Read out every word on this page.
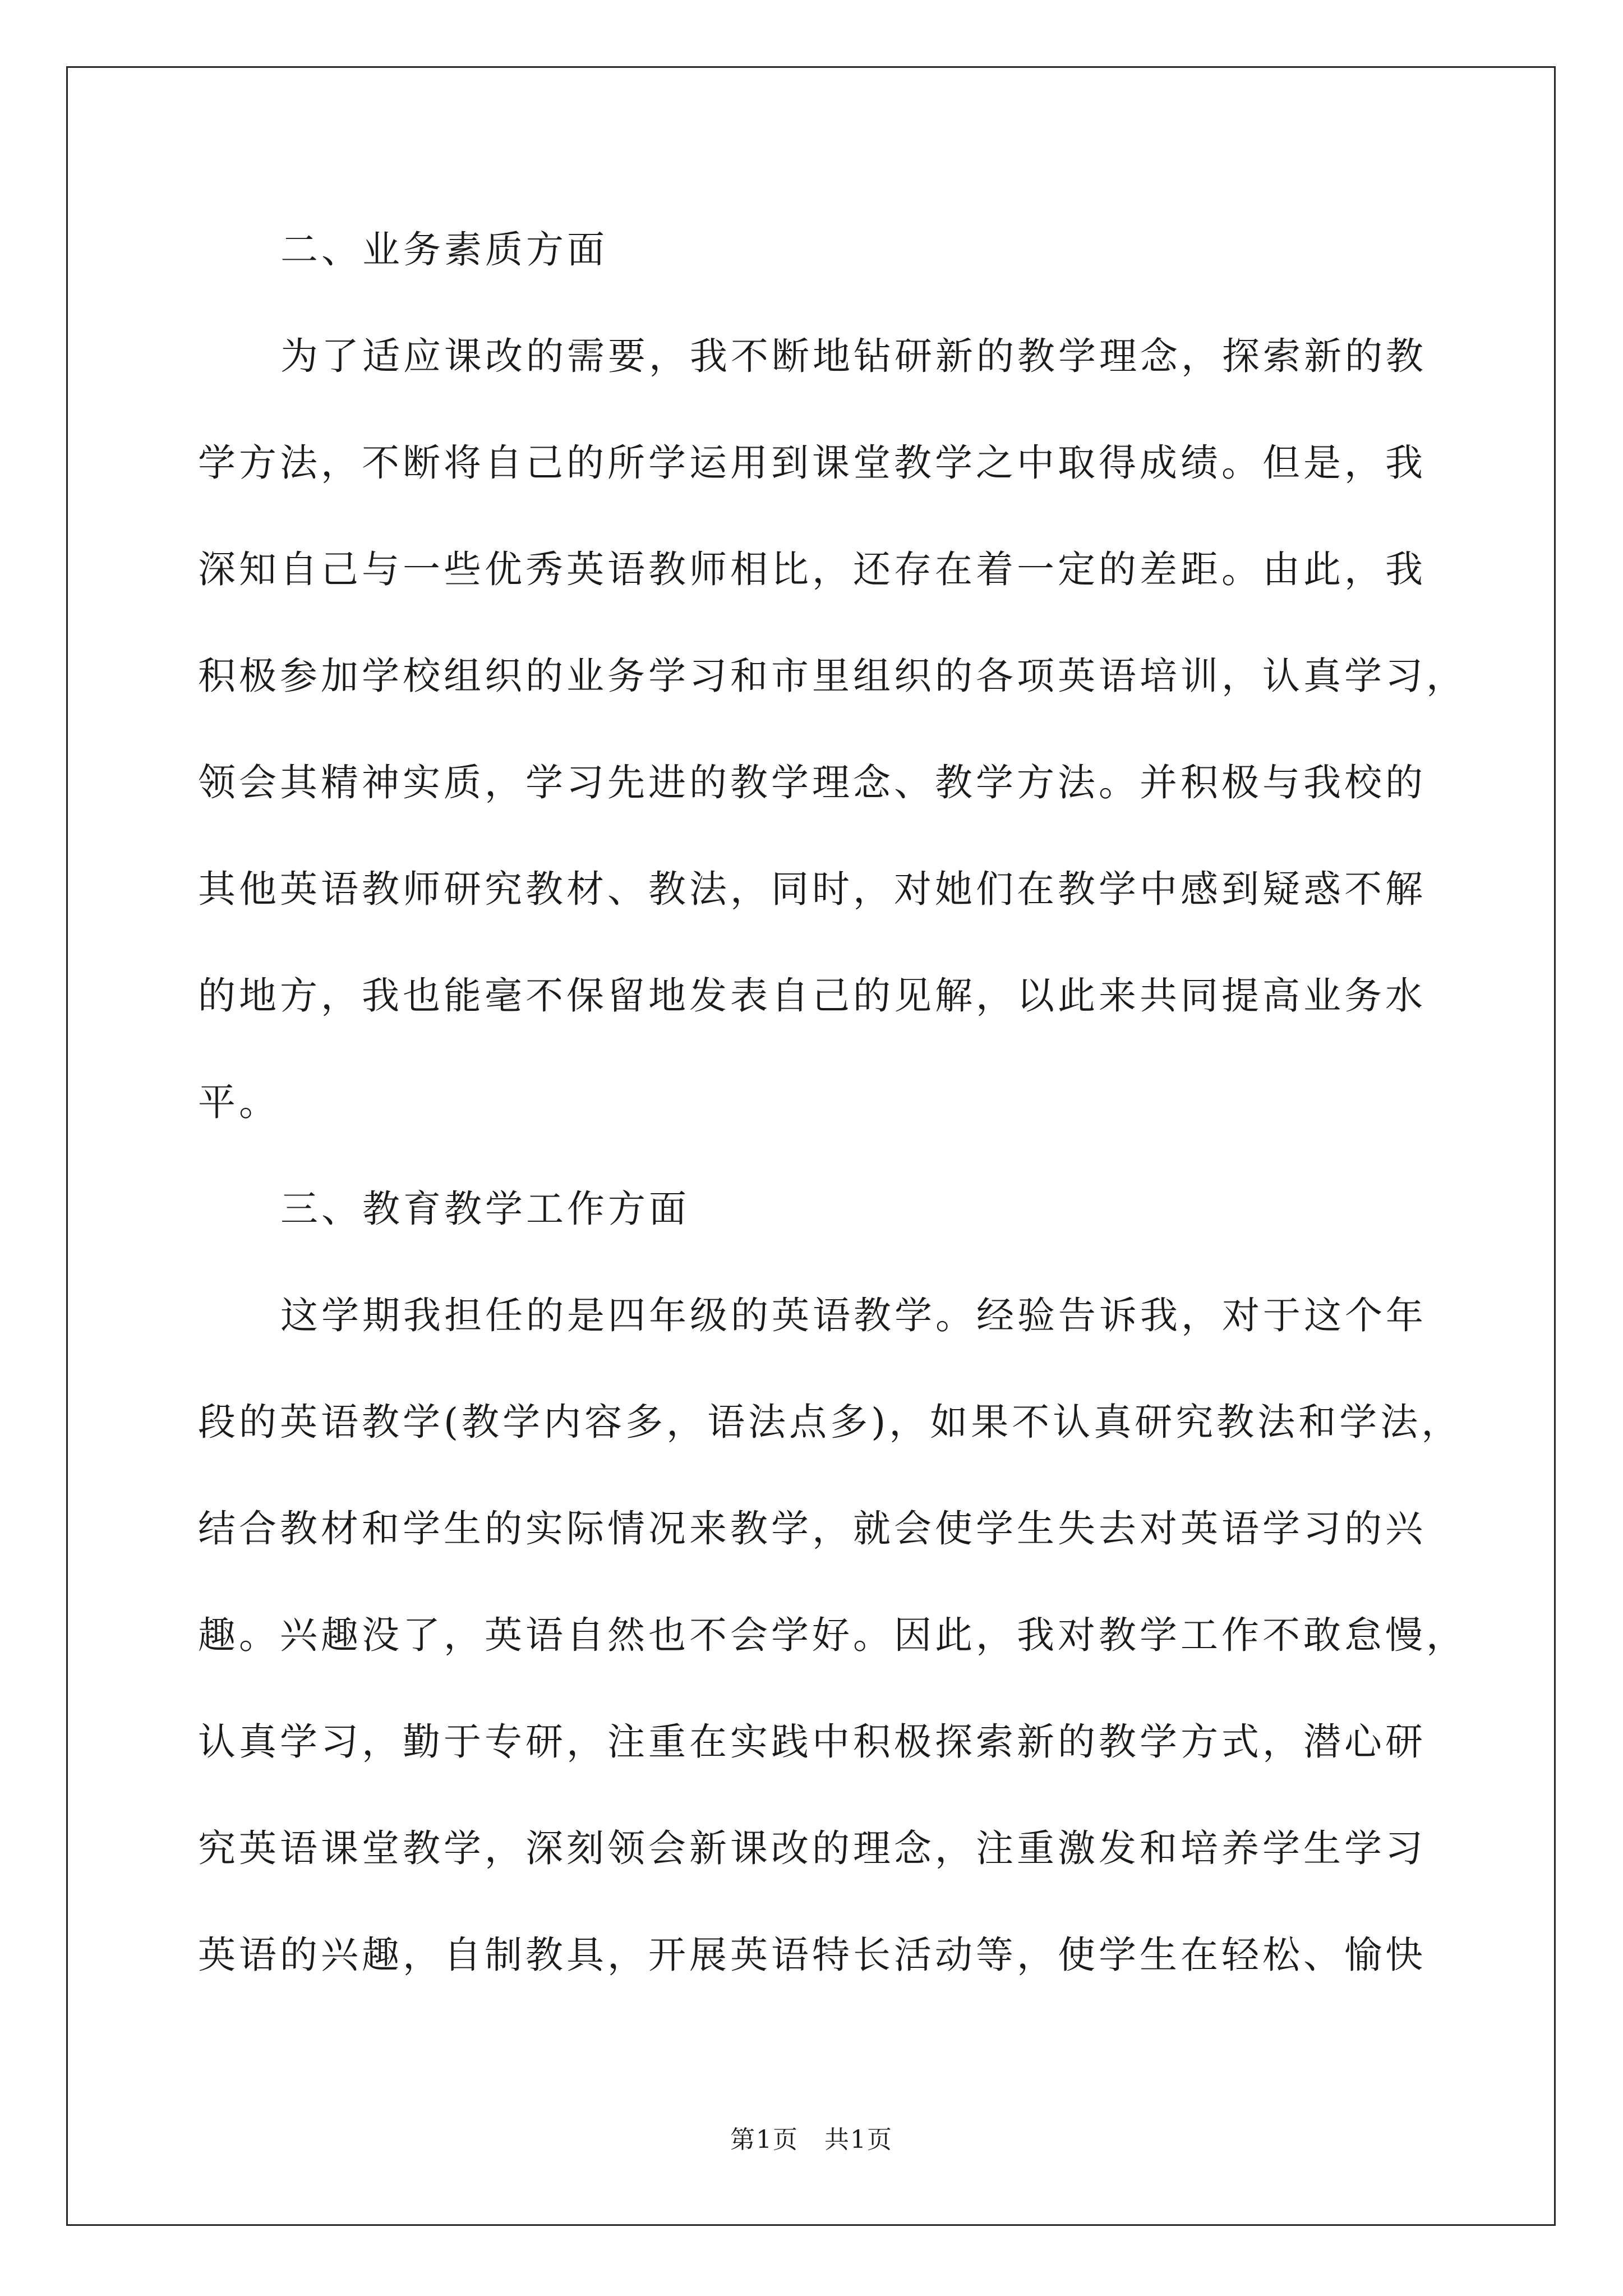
二、业务素质方面
为了适应课改的需要，我不断地钻研新的教学理念，探索新的教
学方法，不断将自己的所学运用到课堂教学之中取得成绩。但是，我
深知自己与一些优秀英语教师相比，还存在着一定的差距。由此，我
积极参加学校组织的业务学习和市里组织的各项英语培训，认真学习，
领会其精神实质，学习先进的教学理念、教学方法。并积极与我校的
其他英语教师研究教材、教法，同时，对她们在教学中感到疑惑不解
的地方，我也能毫不保留地发表自己的见解，以此来共同提高业务水
平。
三、教育教学工作方面
这学期我担任的是四年级的英语教学。经验告诉我，对于这个年
段的英语教学(教学内容多，语法点多)，如果不认真研究教法和学法，
结合教材和学生的实际情况来教学，就会使学生失去对英语学习的兴
趣。兴趣没了，英语自然也不会学好。因此，我对教学工作不敢怠慢，
认真学习，勤于专研，注重在实践中积极探索新的教学方式，潜心研
究英语课堂教学，深刻领会新课改的理念，注重激发和培养学生学习
英语的兴趣，自制教具，开展英语特长活动等，使学生在轻松、愉快
第1页　共1页
